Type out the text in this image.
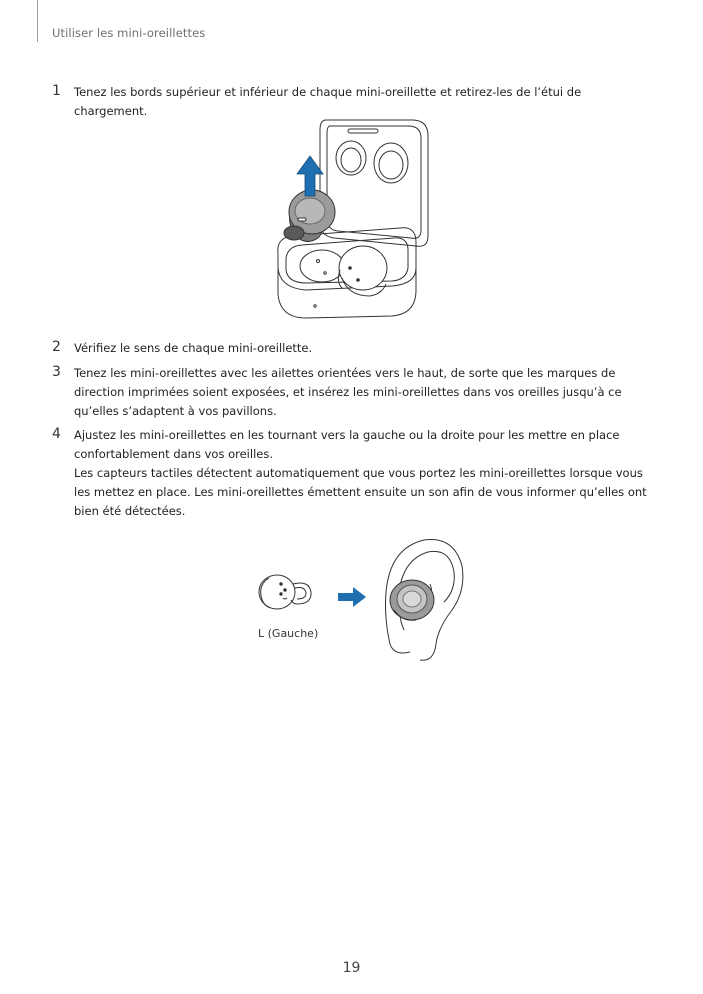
Utiliser les mini-oreillettes
1 Tenez les bords supérieur et inférieur de chaque mini-oreillette et retirez-les de l’étui de chargement.

2 Vérifiez le sens de chaque mini-oreillette.

3 Tenez les mini-oreillettes avec les ailettes orientées vers le haut, de sorte que les marques de direction imprimées soient exposées, et insérez les mini-oreillettes dans vos oreilles jusqu’à ce qu’elles s’adaptent à vos pavillons.

4 Ajustez les mini-oreillettes en les tournant vers la gauche ou la droite pour les mettre en place confortablement dans vos oreilles.

Les capteurs tactiles détectent automatiquement que vous portez les mini-oreillettes lorsque vous les mettez en place. Les mini-oreillettes émettent ensuite un son afin de vous informer qu’elles ont bien été détectées.

L (Gauche)
19
